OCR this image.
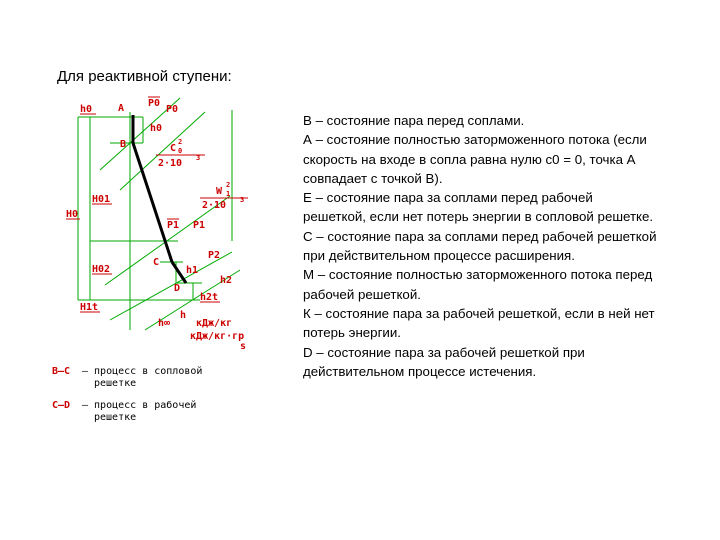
Для реактивной ступени:

В – состояние пара перед соплами.

А – состояние полностью заторможенного потока (если скорость на входе в сопла равна нулю с0 = 0, точка А совпадает с точкой В).

Е – состояние пара за соплами перед рабочей решеткой, если нет потерь энергии в сопловой решетке.

С – состояние пара за соплами перед рабочей решеткой при действительном процессе расширения.

М – состояние полностью заторможенного потока перед рабочей решеткой.

К – состояние пара за рабочей решеткой, если в ней нет потерь энергии.

D – состояние пара за рабочей решеткой при действительном процессе истечения.

h0	A P0
P0
h0
B	C
2
0
2·10 3
H0
H01
W
2
1
2·10 3
P1 P1
P2
C
h1
H02
h2
D
h2t
H1t
h
h∞	кДж/кг
кДж/кг·гр
s
B–C – процесс в сопловой
решетке
C–D – процесс в рабочей
решетке
